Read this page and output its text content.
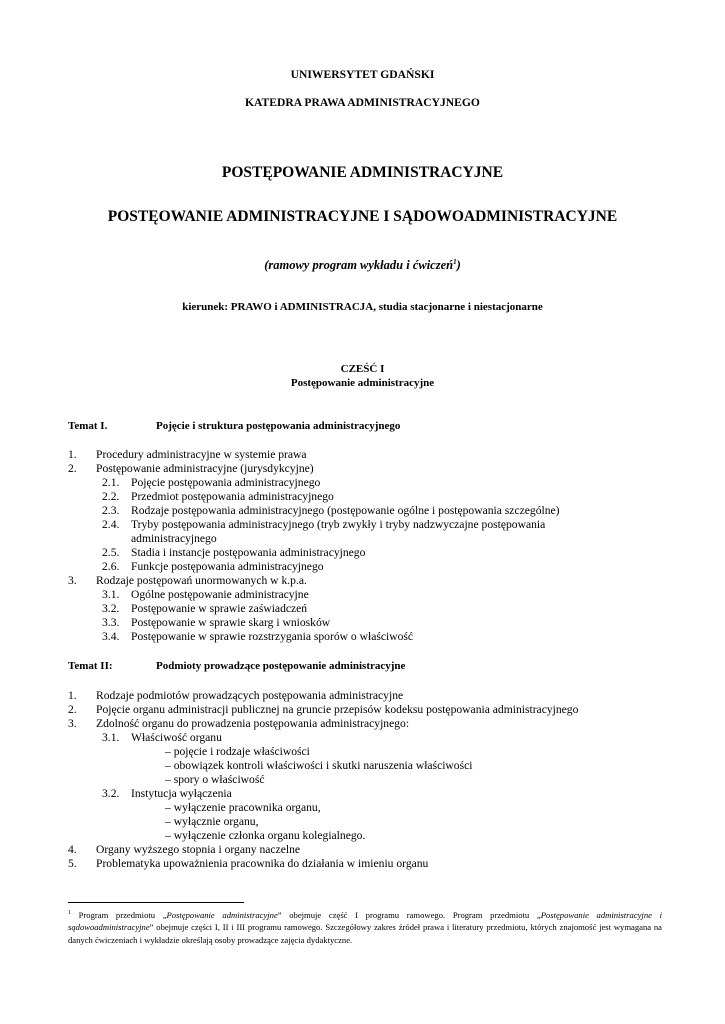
UNIWERSYTET GDAŃSKI
KATEDRA PRAWA ADMINISTRACYJNEGO
POSTĘPOWANIE ADMINISTRACYJNE
POSTĘOWANIE ADMINISTRACYJNE I SĄDOWOADMINISTRACYJNE
(ramowy program wykładu i ćwiczeń$^1$)
kierunek: PRAWO i ADMINISTRACJA, studia stacjonarne i niestacjonarne
CZEŚĆ I
Postępowanie administracyjne
Temat I.	Pojęcie i struktura postępowania administracyjnego
1. Procedury administracyjne w systemie prawa
2. Postępowanie administracyjne (jurysdykcyjne)
2.1. Pojęcie postępowania administracyjnego
2.2. Przedmiot postępowania administracyjnego
2.3. Rodzaje postępowania administracyjnego (postępowanie ogólne i postępowania szczególne)
2.4. Tryby postępowania administracyjnego (tryb zwykły i tryby nadzwyczajne postępowania
administracyjnego
2.5. Stadia i instancje postępowania administracyjnego
2.6. Funkcje postępowania administracyjnego
3. Rodzaje postępowań unormowanych w k.p.a.
3.1. Ogólne postępowanie administracyjne
3.2. Postępowanie w sprawie zaświadczeń
3.3. Postępowanie w sprawie skarg i wniosków
3.4. Postępowanie w sprawie rozstrzygania sporów o właściwość
Temat II:	Podmioty prowadzące postępowanie administracyjne
1. Rodzaje podmiotów prowadzących postępowania administracyjne
2. Pojęcie organu administracji publicznej na gruncie przepisów kodeksu postępowania administracyjnego
3. Zdolność organu do prowadzenia postępowania administracyjnego:
3.1. Właściwość organu
– pojęcie i rodzaje właściwości
– obowiązek kontroli właściwości i skutki naruszenia właściwości
– spory o właściwość
3.2. Instytucja wyłączenia
– wyłączenie pracownika organu,
– wyłącznie organu,
– wyłączenie członka organu kolegialnego.
4. Organy wyższego stopnia i organy naczelne
5. Problematyka upoważnienia pracownika do działania w imieniu organu
$^1$ Program przedmiotu „Postępowanie administracyjne” obejmuje część I programu ramowego. Program przedmiotu „Postępowanie administracyjne i sądowoadministracyjne” obejmuje części I, II i III programu ramowego. Szczegółowy zakres źródeł prawa i literatury przedmiotu, których znajomość jest wymagana na danych ćwiczeniach i wykładzie określają osoby prowadzące zajęcia dydaktyczne.
